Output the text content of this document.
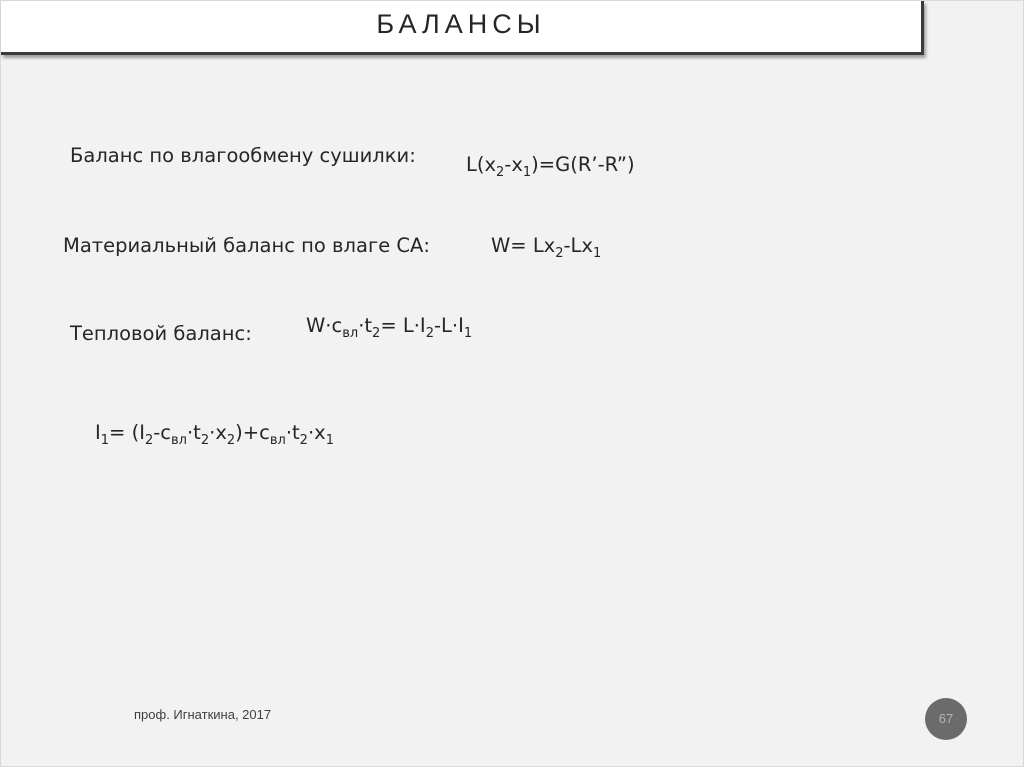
БАЛАНСЫ
Баланс по влагообмену сушилки:	$L(x_2-x_1)=G(R’-R”)$
Материальный баланс по влаге СА:	$W= Lx_2-Lx_1$
Тепловой баланс:	$W\cdot c_{вл}\cdot t_2= L\cdot I_2-L\cdot I_1$
$I_1= (I_2-c_{вл}\cdot t_2\cdot x_2)+c_{вл}\cdot t_2\cdot x_1$
проф. Игнаткина, 2017	67
